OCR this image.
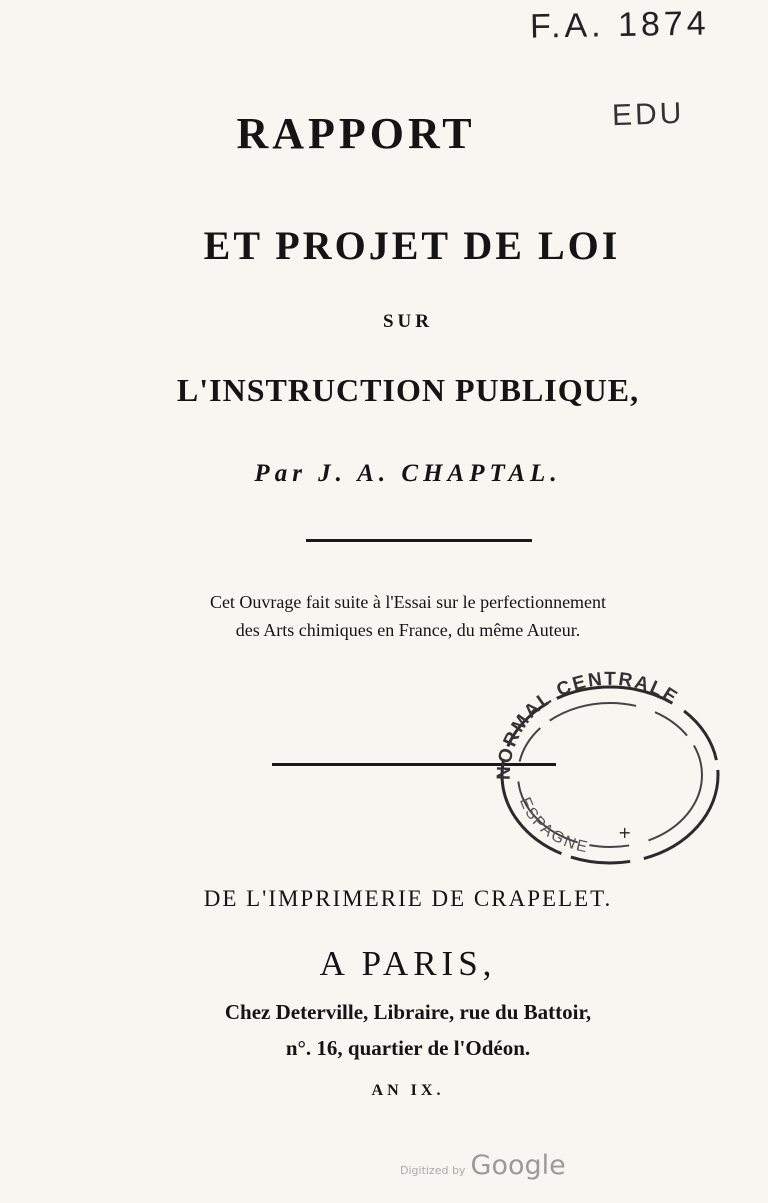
F.A. 1874
EDU
RAPPORT
ET PROJET DE LOI
SUR
L'INSTRUCTION PUBLIQUE,
Par J. A. CHAPTAL.
Cet Ouvrage fait suite à l'Essai sur le perfectionnement
des Arts chimiques en France, du même Auteur.
NORMAL CENTRALE
ESPAGNE
+
DE L'IMPRIMERIE DE CRAPELET.
A PARIS,
Chez Deterville, Libraire, rue du Battoir,
n°. 16, quartier de l'Odéon.
AN IX.
Digitized by Google
